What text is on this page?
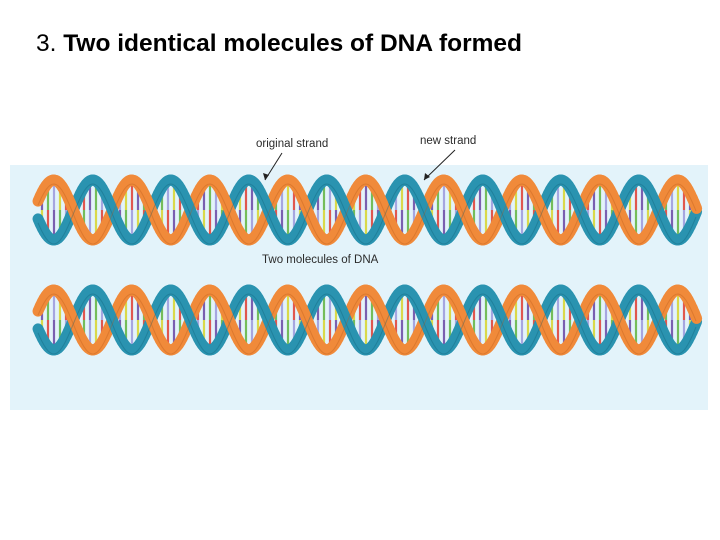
3. Two identical molecules of DNA formed
original strand	new strand
Two molecules of DNA
